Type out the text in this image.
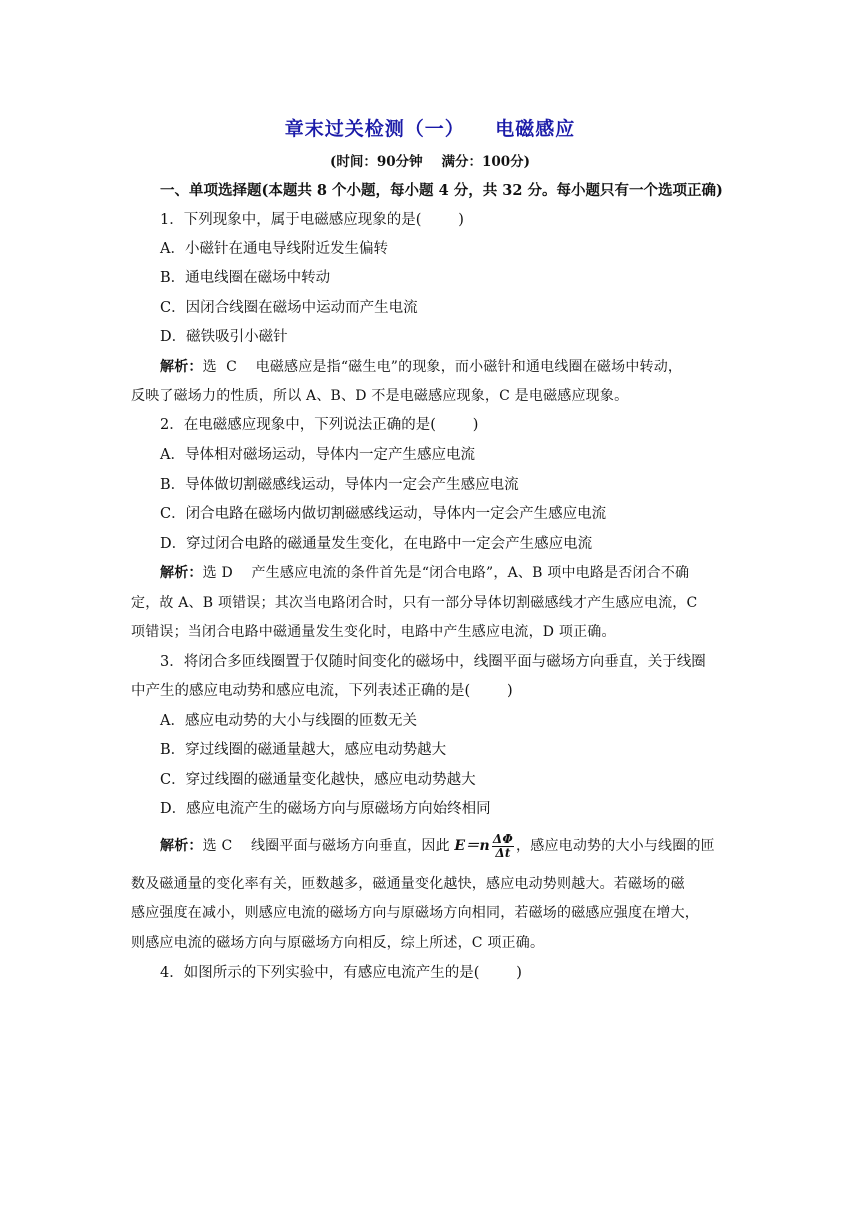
章末过关检测（一）    电磁感应
(时间：90分钟    满分：100分)
一、单项选择题(本题共 8 个小题，每小题 4 分，共 32 分。每小题只有一个选项正确)
1．下列现象中，属于电磁感应现象的是(        )
A．小磁针在通电导线附近发生偏转
B．通电线圈在磁场中转动
C．因闭合线圈在磁场中运动而产生电流
D．磁铁吸引小磁针
解析：选  C    电磁感应是指“磁生电”的现象，而小磁针和通电线圈在磁场中转动，
反映了磁场力的性质，所以 A、B、D 不是电磁感应现象，C 是电磁感应现象。
2．在电磁感应现象中，下列说法正确的是(        )
A．导体相对磁场运动，导体内一定产生感应电流
B．导体做切割磁感线运动，导体内一定会产生感应电流
C．闭合电路在磁场内做切割磁感线运动，导体内一定会产生感应电流
D．穿过闭合电路的磁通量发生变化，在电路中一定会产生感应电流
解析：选 D    产生感应电流的条件首先是“闭合电路”，A、B 项中电路是否闭合不确
定，故 A、B 项错误；其次当电路闭合时，只有一部分导体切割磁感线才产生感应电流，C
项错误；当闭合电路中磁通量发生变化时，电路中产生感应电流，D 项正确。
3．将闭合多匝线圈置于仅随时间变化的磁场中，线圈平面与磁场方向垂直，关于线圈
中产生的感应电动势和感应电流，下列表述正确的是(        )
A．感应电动势的大小与线圈的匝数无关
B．穿过线圈的磁通量越大，感应电动势越大
C．穿过线圈的磁通量变化越快，感应电动势越大
D．感应电流产生的磁场方向与原磁场方向始终相同
解析：选 C    线圈平面与磁场方向垂直，因此 $E=n \frac{\Delta\Phi}{\Delta t}$ ，感应电动势的大小与线圈的匝
数及磁通量的变化率有关，匝数越多，磁通量变化越快，感应电动势则越大。若磁场的磁
感应强度在减小，则感应电流的磁场方向与原磁场方向相同，若磁场的磁感应强度在增大，
则感应电流的磁场方向与原磁场方向相反，综上所述，C 项正确。
4．如图所示的下列实验中，有感应电流产生的是(        )
